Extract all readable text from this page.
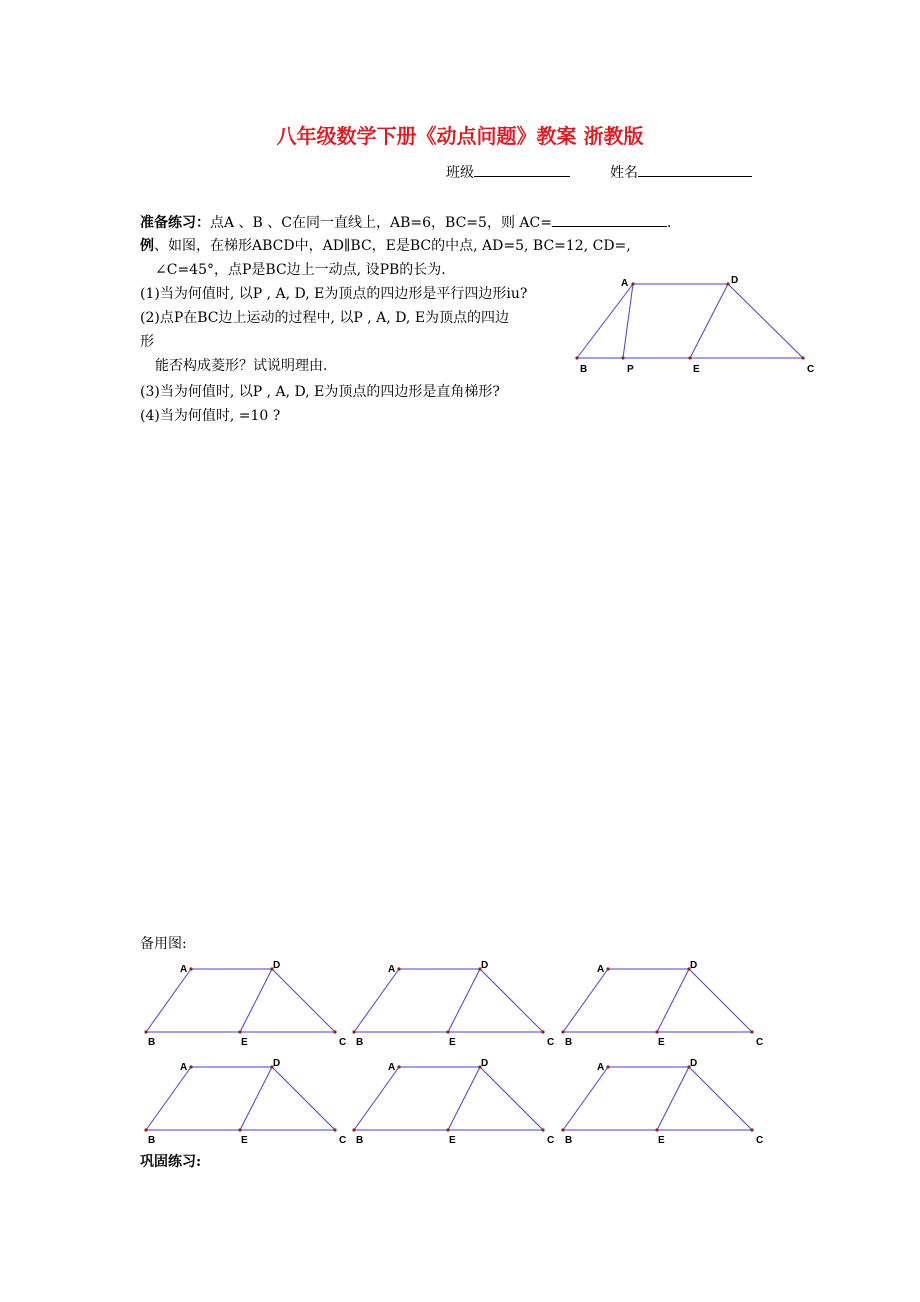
八年级数学下册《动点问题》教案 浙教版
班级	姓名
准备练习：点A 、B 、C在同一直线上，AB=6，BC=5，则 AC=	.
例、如图，在梯形ABCD中，AD∥BC，E是BC的中点, AD=5, BC=12, CD=,
∠C=45°，点P是BC边上一动点, 设PB的长为.
(1)当为何值时, 以P , A, D, E为顶点的四边形是平行四边形iu?
(2)点P在BC边上运动的过程中, 以P , A, D, E为顶点的四边
形
能否构成菱形？试说明理由.
(3)当为何值时, 以P , A, D, E为顶点的四边形是直角梯形?
(4)当为何值时, =10 ?
A	D
B	P	E	C
A	D
B	E	C
A	D
B	E	C
A	D
B	E	C
A	D
B	E	C
A	D
B	E	C
A	D
B	E	C
备用图:
巩固练习:
